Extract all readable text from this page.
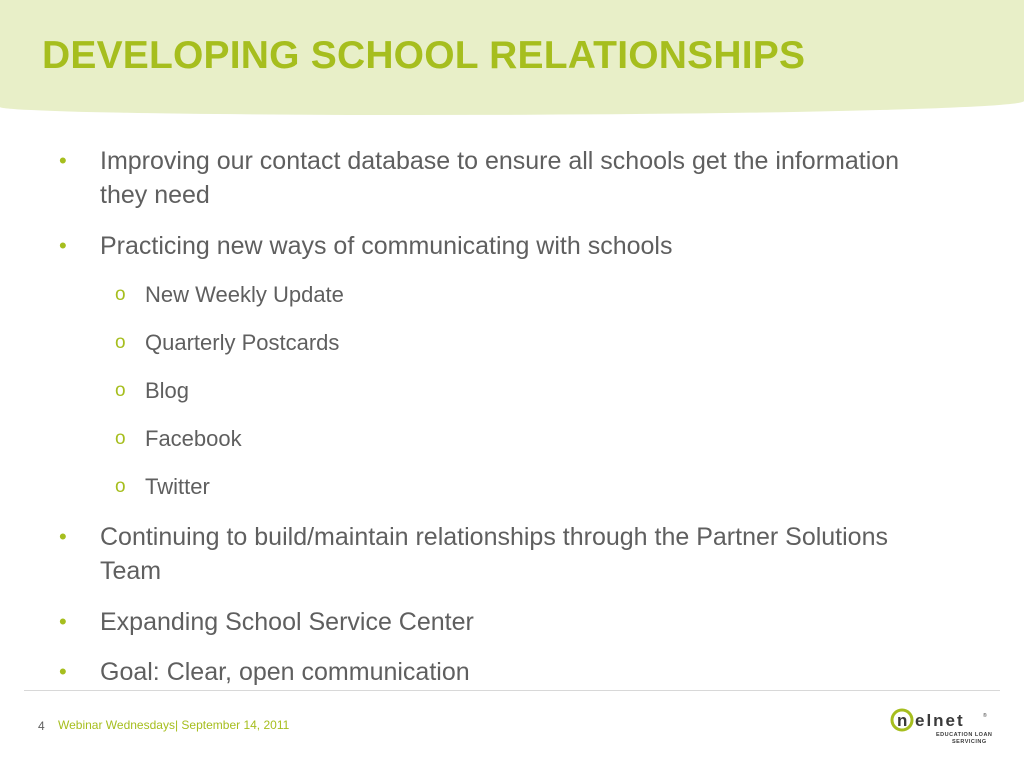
DEVELOPING SCHOOL RELATIONSHIPS
• Improving our contact database to ensure all schools get the information they need
• Practicing new ways of communicating with schools
o New Weekly Update
o Quarterly Postcards
o Blog
o Facebook
o Twitter
• Continuing to build/maintain relationships through the Partner Solutions Team
• Expanding School Service Center
• Goal: Clear, open communication
4 Webinar Wednesdays| September 14, 2011	n elnet	®
EDUCATION LOAN
SERVICING
